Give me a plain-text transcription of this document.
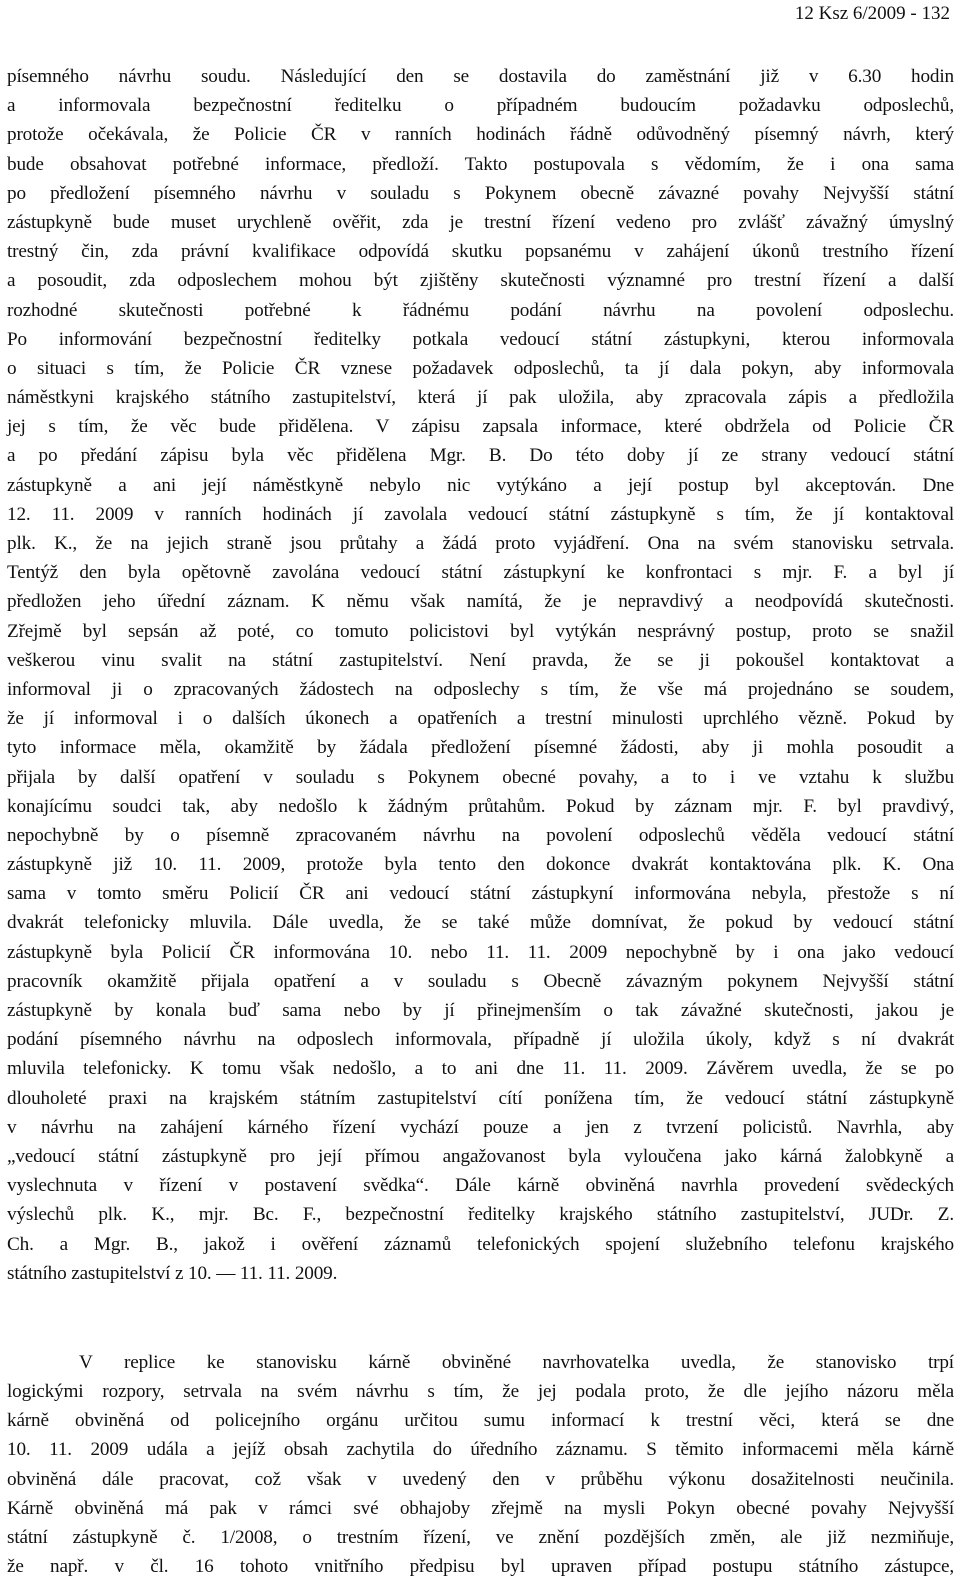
12 Ksz 6/2009 - 132
písemného návrhu soudu. Následující den se dostavila do zaměstnání již v 6.30 hodin
a informovala bezpečnostní ředitelku o případném budoucím požadavku odposlechů,
protože očekávala, že Policie ČR v ranních hodinách řádně odůvodněný písemný návrh, který
bude obsahovat potřebné informace, předloží. Takto postupovala s vědomím, že i ona sama
po předložení písemného návrhu v souladu s Pokynem obecně závazné povahy Nejvyšší státní
zástupkyně bude muset urychleně ověřit, zda je trestní řízení vedeno pro zvlášť závažný úmyslný
trestný čin, zda právní kvalifikace odpovídá skutku popsanému v zahájení úkonů trestního řízení
a posoudit, zda odposlechem mohou být zjištěny skutečnosti významné pro trestní řízení a další
rozhodné skutečnosti potřebné k řádnému podání návrhu na povolení odposlechu.
Po informování bezpečnostní ředitelky potkala vedoucí státní zástupkyni, kterou informovala
o situaci s tím, že Policie ČR vznese požadavek odposlechů, ta jí dala pokyn, aby informovala
náměstkyni krajského státního zastupitelství, která jí pak uložila, aby zpracovala zápis a předložila
jej s tím, že věc bude přidělena. V zápisu zapsala informace, které obdržela od Policie ČR
a po předání zápisu byla věc přidělena Mgr. B. Do této doby jí ze strany vedoucí státní
zástupkyně a ani její náměstkyně nebylo nic vytýkáno a její postup byl akceptován. Dne
12. 11. 2009 v ranních hodinách jí zavolala vedoucí státní zástupkyně s tím, že jí kontaktoval
plk. K., že na jejich straně jsou průtahy a žádá proto vyjádření. Ona na svém stanovisku setrvala.
Tentýž den byla opětovně zavolána vedoucí státní zástupkyní ke konfrontaci s mjr. F. a byl jí
předložen jeho úřední záznam. K němu však namítá, že je nepravdivý a neodpovídá skutečnosti.
Zřejmě byl sepsán až poté, co tomuto policistovi byl vytýkán nesprávný postup, proto se snažil
veškerou vinu svalit na státní zastupitelství. Není pravda, že se ji pokoušel kontaktovat a
informoval ji o zpracovaných žádostech na odposlechy s tím, že vše má projednáno se soudem,
že jí informoval i o dalších úkonech a opatřeních a trestní minulosti uprchlého vězně. Pokud by
tyto informace měla, okamžitě by žádala předložení písemné žádosti, aby ji mohla posoudit a
přijala by další opatření v souladu s Pokynem obecné povahy, a to i ve vztahu k službu
konajícímu soudci tak, aby nedošlo k žádným průtahům. Pokud by záznam mjr. F. byl pravdivý,
nepochybně by o písemně zpracovaném návrhu na povolení odposlechů věděla vedoucí státní
zástupkyně již 10. 11. 2009, protože byla tento den dokonce dvakrát kontaktována plk. K. Ona
sama v tomto směru Policií ČR ani vedoucí státní zástupkyní informována nebyla, přestože s ní
dvakrát telefonicky mluvila. Dále uvedla, že se také může domnívat, že pokud by vedoucí státní
zástupkyně byla Policií ČR informována 10. nebo 11. 11. 2009 nepochybně by i ona jako vedoucí
pracovník okamžitě přijala opatření a v souladu s Obecně závazným pokynem Nejvyšší státní
zástupkyně by konala buď sama nebo by jí přinejmenším o tak závažné skutečnosti, jakou je
podání písemného návrhu na odposlech informovala, případně jí uložila úkoly, když s ní dvakrát
mluvila telefonicky. K tomu však nedošlo, a to ani dne 11. 11. 2009. Závěrem uvedla, že se po
dlouholeté praxi na krajském státním zastupitelství cítí ponížena tím, že vedoucí státní zástupkyně
v návrhu na zahájení kárného řízení vychází pouze a jen z tvrzení policistů. Navrhla, aby
„vedoucí státní zástupkyně pro její přímou angažovanost byla vyloučena jako kárná žalobkyně a
vyslechnuta v řízení v postavení svědka“. Dále kárně obviněná navrhla provedení svědeckých
výslechů plk. K., mjr. Bc. F., bezpečnostní ředitelky krajského státního zastupitelství, JUDr. Z.
Ch. a Mgr. B., jakož i ověření záznamů telefonických spojení služebního telefonu krajského
státního zastupitelství z 10. — 11. 11. 2009.
V replice ke stanovisku kárně obviněné navrhovatelka uvedla, že stanovisko trpí
logickými rozpory, setrvala na svém návrhu s tím, že jej podala proto, že dle jejího názoru měla
kárně obviněná od policejního orgánu určitou sumu informací k trestní věci, která se dne
10. 11. 2009 udála a jejíž obsah zachytila do úředního záznamu. S těmito informacemi měla kárně
obviněná dále pracovat, což však v uvedený den v průběhu výkonu dosažitelnosti neučinila.
Kárně obviněná má pak v rámci své obhajoby zřejmě na mysli Pokyn obecné povahy Nejvyšší
státní zástupkyně č. 1/2008, o trestním řízení, ve znění pozdějších změn, ale již nezmiňuje,
že např. v čl. 16 tohoto vnitřního předpisu byl upraven případ postupu státního zástupce,
